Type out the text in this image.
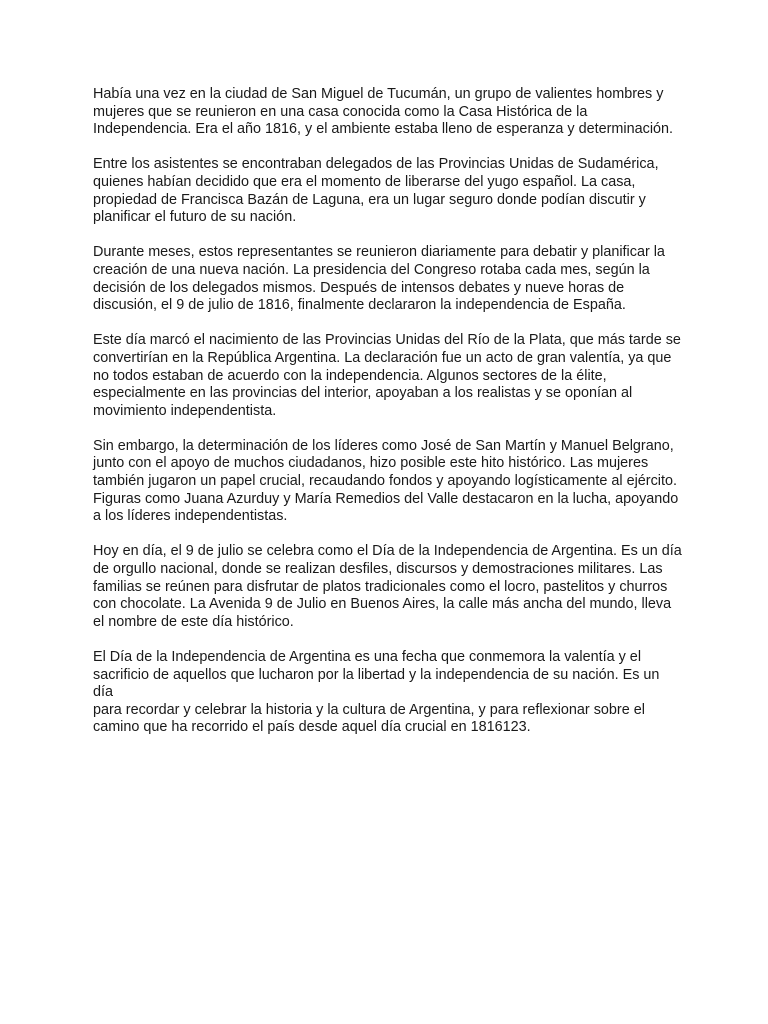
Había una vez en la ciudad de San Miguel de Tucumán, un grupo de valientes hombres y
mujeres que se reunieron en una casa conocida como la Casa Histórica de la
Independencia. Era el año 1816, y el ambiente estaba lleno de esperanza y determinación.

Entre los asistentes se encontraban delegados de las Provincias Unidas de Sudamérica,
quienes habían decidido que era el momento de liberarse del yugo español. La casa,
propiedad de Francisca Bazán de Laguna, era un lugar seguro donde podían discutir y
planificar el futuro de su nación.

Durante meses, estos representantes se reunieron diariamente para debatir y planificar la
creación de una nueva nación. La presidencia del Congreso rotaba cada mes, según la
decisión de los delegados mismos. Después de intensos debates y nueve horas de
discusión, el 9 de julio de 1816, finalmente declararon la independencia de España.

Este día marcó el nacimiento de las Provincias Unidas del Río de la Plata, que más tarde se
convertirían en la República Argentina. La declaración fue un acto de gran valentía, ya que
no todos estaban de acuerdo con la independencia. Algunos sectores de la élite,
especialmente en las provincias del interior, apoyaban a los realistas y se oponían al
movimiento independentista.

Sin embargo, la determinación de los líderes como José de San Martín y Manuel Belgrano,
junto con el apoyo de muchos ciudadanos, hizo posible este hito histórico. Las mujeres
también jugaron un papel crucial, recaudando fondos y apoyando logísticamente al ejército.
Figuras como Juana Azurduy y María Remedios del Valle destacaron en la lucha, apoyando
a los líderes independentistas.

Hoy en día, el 9 de julio se celebra como el Día de la Independencia de Argentina. Es un día
de orgullo nacional, donde se realizan desfiles, discursos y demostraciones militares. Las
familias se reúnen para disfrutar de platos tradicionales como el locro, pastelitos y churros
con chocolate. La Avenida 9 de Julio en Buenos Aires, la calle más ancha del mundo, lleva
el nombre de este día histórico.

El Día de la Independencia de Argentina es una fecha que conmemora la valentía y el
sacrificio de aquellos que lucharon por la libertad y la independencia de su nación. Es un día
para recordar y celebrar la historia y la cultura de Argentina, y para reflexionar sobre el
camino que ha recorrido el país desde aquel día crucial en 1816123.
